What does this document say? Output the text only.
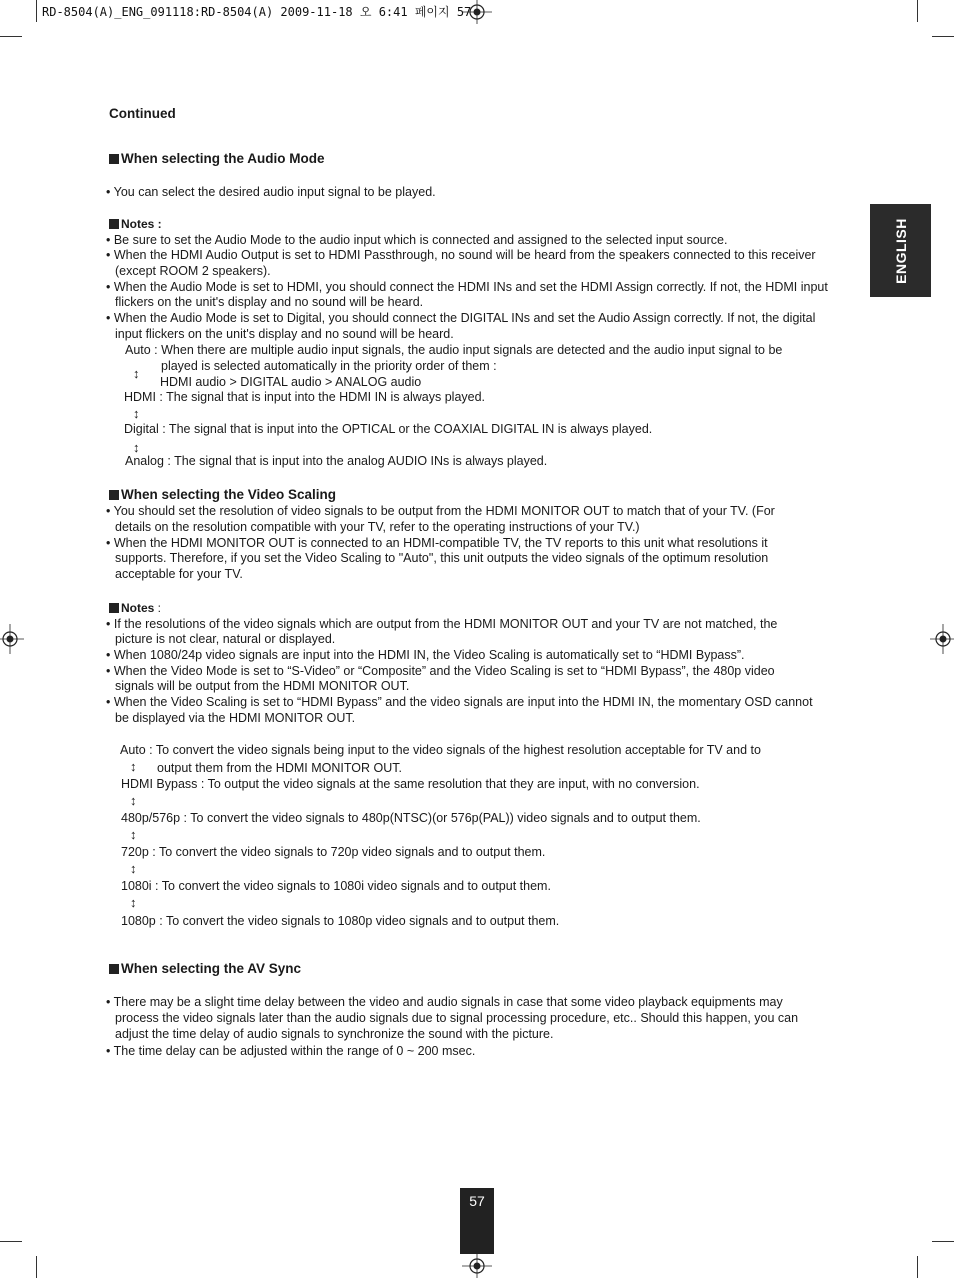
RD-8504(A)_ENG_091118:RD-8504(A) 2009-11-18 오 6:41 페이지 57
ENGLISH
Continued
When selecting the Audio Mode
• You can select the desired audio input signal to be played.
Notes :
• Be sure to set the Audio Mode to the audio input which is connected and assigned to the selected input source.
• When the HDMI Audio Output is set to HDMI Passthrough, no sound will be heard from the speakers connected to this receiver
(except ROOM 2 speakers).
• When the Audio Mode is set to HDMI, you should connect the HDMI INs and set the HDMI Assign correctly. If not, the HDMI input
flickers on the unit's display and no sound will be heard.
• When the Audio Mode is set to Digital, you should connect the DIGITAL INs and set the Audio Assign correctly. If not, the digital
input flickers on the unit's display and no sound will be heard.
Auto : When there are multiple audio input signals, the audio input signals are detected and the audio input signal to be
played is selected automatically in the priority order of them :
↕
HDMI audio > DIGITAL audio > ANALOG audio
HDMI : The signal that is input into the HDMI IN is always played.
↕
Digital : The signal that is input into the OPTICAL or the COAXIAL DIGITAL IN is always played.
↕
Analog : The signal that is input into the analog AUDIO INs is always played.
When selecting the Video Scaling
• You should set the resolution of video signals to be output from the HDMI MONITOR OUT to match that of your TV. (For
details on the resolution compatible with your TV, refer to the operating instructions of your TV.)
• When the HDMI MONITOR OUT is connected to an HDMI-compatible TV, the TV reports to this unit what resolutions it
supports. Therefore, if you set the Video Scaling to "Auto", this unit outputs the video signals of the optimum resolution
acceptable for your TV.
Notes :
• If the resolutions of the video signals which are output from the HDMI MONITOR OUT and your TV are not matched, the
picture is not clear, natural or displayed.
• When 1080/24p video signals are input into the HDMI IN, the Video Scaling is automatically set to “HDMI Bypass”.
• When the Video Mode is set to “S-Video” or “Composite” and the Video Scaling is set to “HDMI Bypass”, the 480p video
signals will be output from the HDMI MONITOR OUT.
• When the Video Scaling is set to “HDMI Bypass” and the video signals are input into the HDMI IN, the momentary OSD cannot
be displayed via the HDMI MONITOR OUT.
Auto : To convert the video signals being input to the video signals of the highest resolution acceptable for TV and to
↕ output them from the HDMI MONITOR OUT.
HDMI Bypass : To output the video signals at the same resolution that they are input, with no conversion.
↕
480p/576p : To convert the video signals to 480p(NTSC)(or 576p(PAL)) video signals and to output them.
↕
720p : To convert the video signals to 720p video signals and to output them.
↕
1080i : To convert the video signals to 1080i video signals and to output them.
↕
1080p : To convert the video signals to 1080p video signals and to output them.
When selecting the AV Sync
• There may be a slight time delay between the video and audio signals in case that some video playback equipments may
process the video signals later than the audio signals due to signal processing procedure, etc.. Should this happen, you can
adjust the time delay of audio signals to synchronize the sound with the picture.
• The time delay can be adjusted within the range of 0 ~ 200 msec.
57
